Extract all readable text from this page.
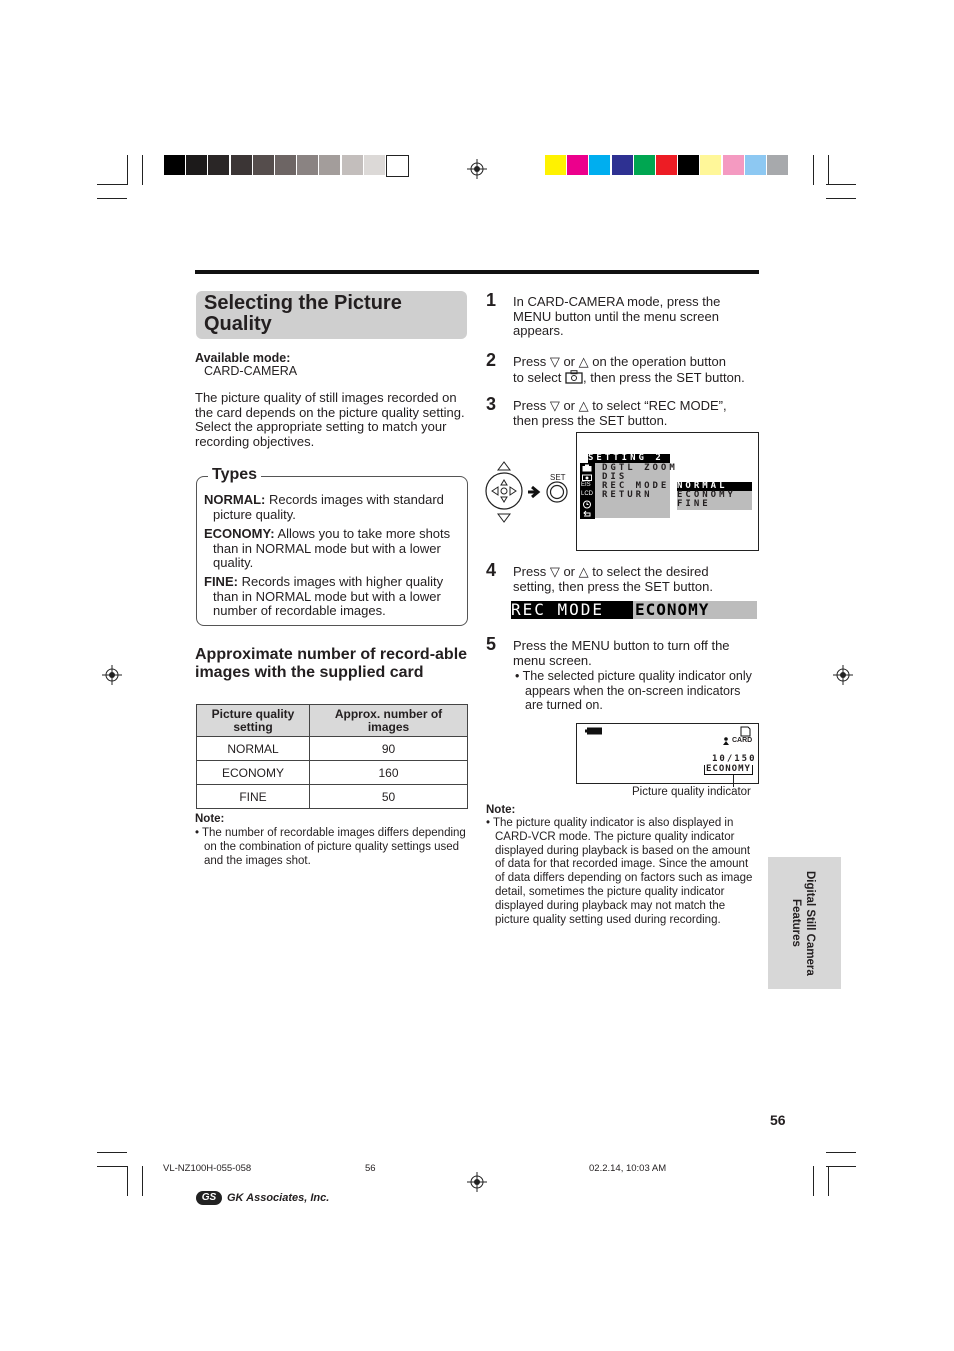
Selecting the Picture Quality
Available mode:
CARD-CAMERA
The picture quality of still images recorded on the card depends on the picture quality setting. Select the appropriate setting to match your recording objectives.
Types
NORMAL: Records images with standard picture quality.
ECONOMY: Allows you to take more shots than in NORMAL mode but with a lower quality.
FINE: Records images with higher quality than in NORMAL mode but with a lower number of recordable images.
Approximate number of record-able images with the supplied card
Picture quality setting	Approx. number of images
NORMAL	90
ECONOMY	160
FINE	50
Note:
• The number of recordable images differs depending on the combination of picture quality settings used and the images shot.
1 In CARD-CAMERA mode, press the MENU button until the menu screen appears.
2 Press ▽ or △ on the operation button
to select , then press the SET button.
3 Press ▽ or △ to select “REC MODE”,
then press the SET button.
SET
SETTING 2
EIS
LCD
DGTL ZOOM
DIS
REC MODE
RETURN
NORMAL
ECONOMY
FINE
4 Press ▽ or △ to select the desired
setting, then press the SET button.
REC MODE ECONOMY
5 Press the MENU button to turn off the menu screen.
• The selected picture quality indicator only appears when the on-screen indicators are turned on.
CARD
10/150
ECONOMY
Picture quality indicator
Note:
• The picture quality indicator is also displayed in CARD-VCR mode. The picture quality indicator displayed during playback is based on the amount of data for that recorded image. Since the amount of data differs depending on factors such as image detail, sometimes the picture quality indicator displayed during playback may not match the picture quality setting used during recording.	Digital Still Camera
Features
56
VL-NZ100H-055-058	56	02.2.14, 10:03 AM
GS GK Associates, Inc.
